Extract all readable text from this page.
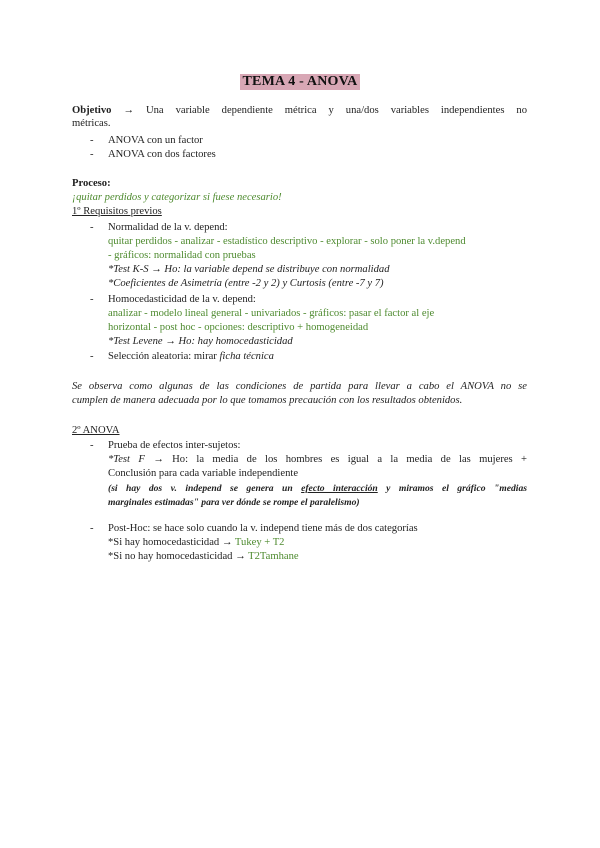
TEMA 4 - ANOVA
Objetivo → Una variable dependiente métrica y una/dos variables independientes no
métricas.
- ANOVA con un factor
- ANOVA con dos factores
Proceso:
¡quitar perdidos y categorizar si fuese necesario!
1º Requisitos previos
- Normalidad de la v. depend:
quitar perdidos - analizar - estadístico descriptivo - explorar - solo poner la v.depend
- gráficos: normalidad con pruebas
*Test K-S → Ho: la variable depend se distribuye con normalidad
*Coeficientes de Asimetría (entre -2 y 2) y Curtosis (entre -7 y 7)
- Homocedasticidad de la v. depend:
analizar - modelo lineal general - univariados - gráficos: pasar el factor al eje
horizontal - post hoc - opciones: descriptivo + homogeneidad
*Test Levene → Ho: hay homocedasticidad
- Selección aleatoria: mirar ficha técnica
Se observa como algunas de las condiciones de partida para llevar a cabo el ANOVA no se
cumplen de manera adecuada por lo que tomamos precaución con los resultados obtenidos.
2º ANOVA
- Prueba de efectos inter-sujetos:
*Test F → Ho: la media de los hombres es igual a la media de las mujeres +
Conclusión para cada variable independiente
(si hay dos v. independ se genera un efecto interacción y miramos el gráfico "medias
marginales estimadas" para ver dónde se rompe el paralelismo)
- Post-Hoc: se hace solo cuando la v. independ tiene más de dos categorías
*Si hay homocedasticidad → Tukey + T2
*Si no hay homocedasticidad → T2Tamhane
